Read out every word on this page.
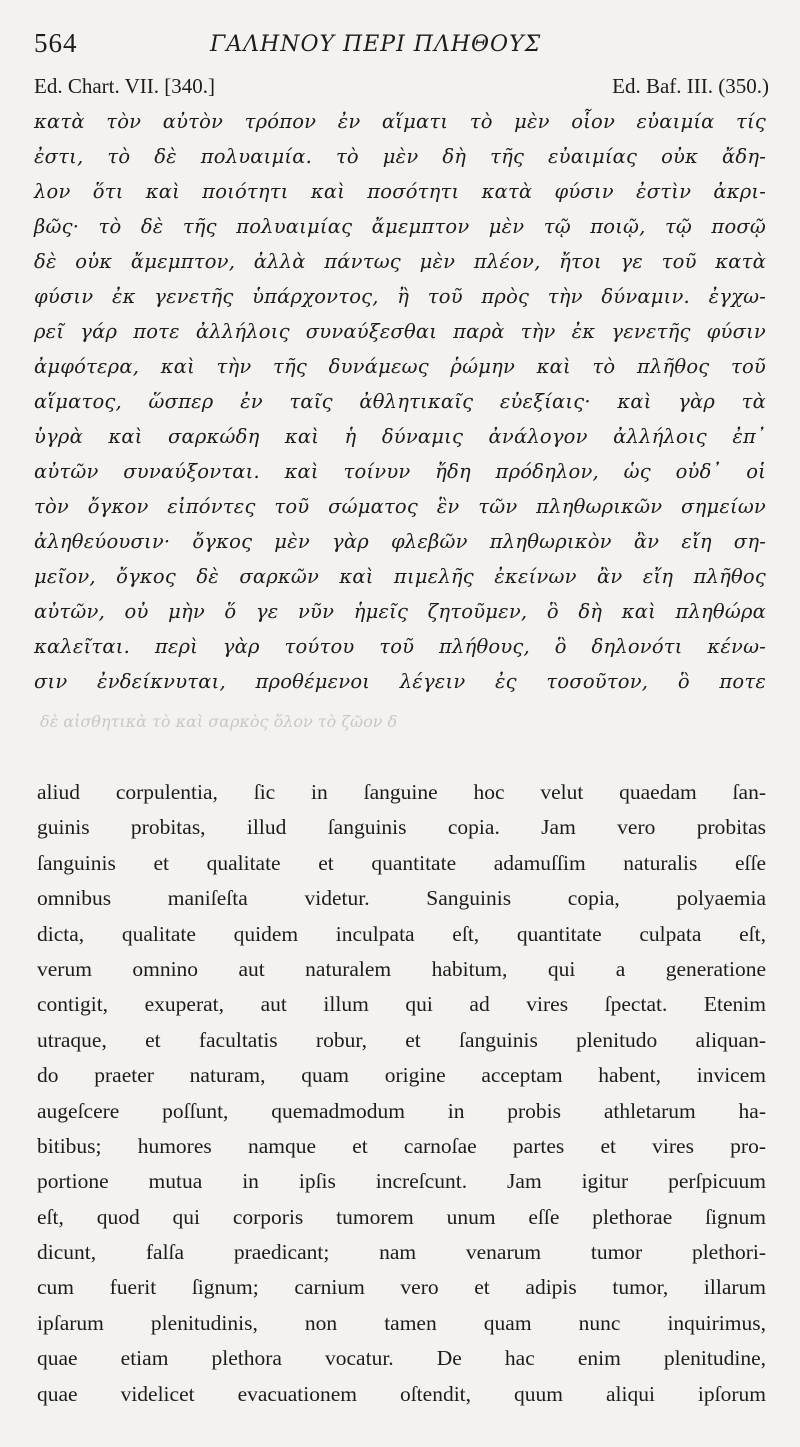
564	ΓΑΛΗΝΟΥ ΠΕΡΙ ΠΛΗΘΟΥΣ
Ed. Chart. VII. [340.]	Ed. Baf. III. (350.)
κατὰ τὸν αὐτὸν τρόπον ἐν αἵματι τὸ μὲν οἷον εὐαιμία τίς
ἐστι, τὸ δὲ πολυαιμία. τὸ μὲν δὴ τῆς εὐαιμίας οὐκ ἄδη-
λον ὅτι καὶ ποιότητι καὶ ποσότητι κατὰ φύσιν ἐστὶν ἀκρι-
βῶς· τὸ δὲ τῆς πολυαιμίας ἄμεμπτον μὲν τῷ ποιῷ, τῷ ποσῷ
δὲ οὐκ ἄμεμπτον, ἀλλὰ πάντως μὲν πλέον, ἤτοι γε τοῦ κατὰ
φύσιν ἐκ γενετῆς ὑπάρχοντος, ἢ τοῦ πρὸς τὴν δύναμιν. ἐγχω-
ρεῖ γάρ ποτε ἀλλήλοις συναύξεσθαι παρὰ τὴν ἐκ γενετῆς φύσιν
ἀμφότερα, καὶ τὴν τῆς δυνάμεως ῥώμην καὶ τὸ πλῆθος τοῦ
αἵματος, ὥσπερ ἐν ταῖς ἀθλητικαῖς εὐεξίαις· καὶ γὰρ τὰ
ὑγρὰ καὶ σαρκώδη καὶ ἡ δύναμις ἀνάλογον ἀλλήλοις ἐπ᾽
αὐτῶν συναύξονται. καὶ τοίνυν ἤδη πρόδηλον, ὡς οὐδ᾽ οἱ
τὸν ὄγκον εἰπόντες τοῦ σώματος ἓν τῶν πληθωρικῶν σημείων
ἀληθεύουσιν· ὄγκος μὲν γὰρ φλεβῶν πληθωρικὸν ἂν εἴη ση-
μεῖον, ὄγκος δὲ σαρκῶν καὶ πιμελῆς ἐκείνων ἂν εἴη πλῆθος
αὐτῶν, οὐ μὴν ὅ γε νῦν ἡμεῖς ζητοῦμεν, ὃ δὴ καὶ πληθώρα
καλεῖται. περὶ γὰρ τούτου τοῦ πλήθους, ὃ δηλονότι κένω-
σιν ἐνδείκνυται, προθέμενοι λέγειν ἐς τοσοῦτον, ὃ ποτε
δὲ αἰσθητικὰ τὸ καὶ σαρκὸς ὅλον τὸ ζῶον δ
aliud corpulentia, ſic in ſanguine hoc velut quaedam ſan-
guinis probitas, illud ſanguinis copia. Jam vero probitas
ſanguinis et qualitate et quantitate adamuſſim naturalis eſſe
omnibus maniſeſta videtur. Sanguinis copia, polyaemia
dicta, qualitate quidem inculpata eſt, quantitate culpata eſt,
verum omnino aut naturalem habitum, qui a generatione
contigit, exuperat, aut illum qui ad vires ſpectat. Etenim
utraque, et facultatis robur, et ſanguinis plenitudo aliquan-
do praeter naturam, quam origine acceptam habent, invicem
augeſcere poſſunt, quemadmodum in probis athletarum ha-
bitibus; humores namque et carnoſae partes et vires pro-
portione mutua in ipſis increſcunt. Jam igitur perſpicuum
eſt, quod qui corporis tumorem unum eſſe plethorae ſignum
dicunt, falſa praedicant; nam venarum tumor plethori-
cum fuerit ſignum; carnium vero et adipis tumor, illarum
ipſarum plenitudinis, non tamen quam nunc inquirimus,
quae etiam plethora vocatur. De hac enim plenitudine,
quae videlicet evacuationem oſtendit, quum aliqui ipſorum
